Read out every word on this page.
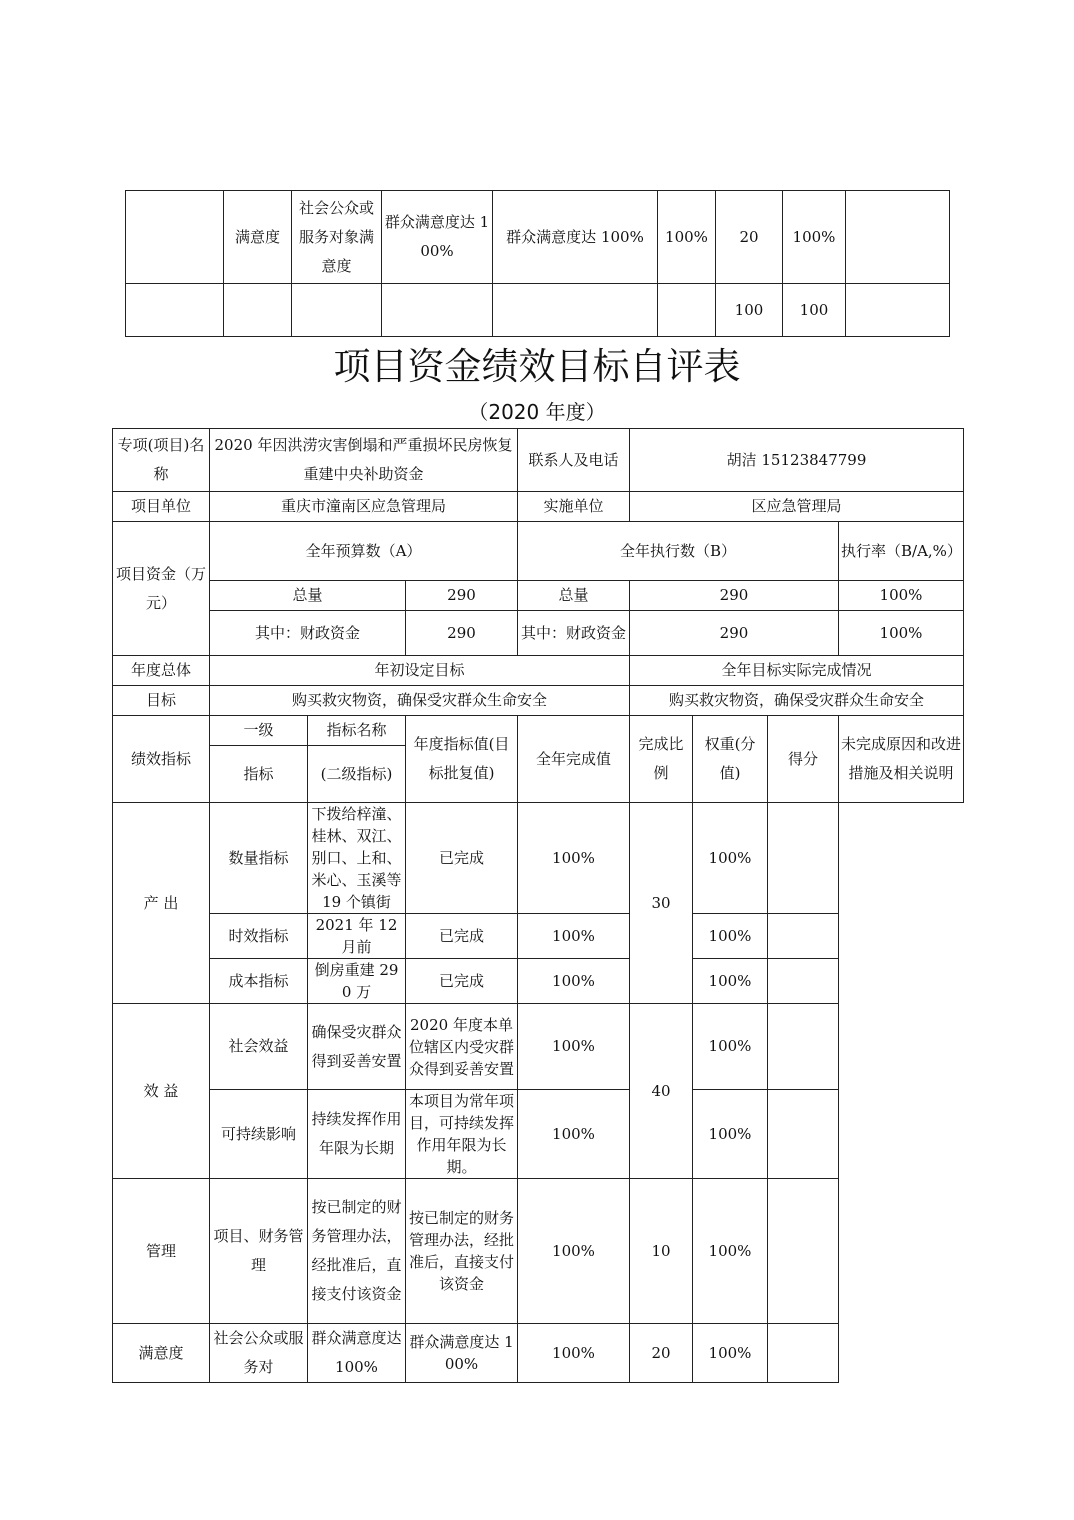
	满意度	社会公众或服务对象满意度	群众满意度达 100%	群众满意度达 100%	100%	20	100%	
						100	100	
项目资金绩效目标自评表
（2020 年度）
专项(项目)名称	2020 年因洪涝灾害倒塌和严重损坏民房恢复重建中央补助资金			联系人及电话	胡洁 15123847799			
项目单位	重庆市潼南区应急管理局			实施单位	区应急管理局			
项目资金（万元）	全年预算数（A）			全年执行数（B）				执行率（B/A,%）
	总量		290	总量	290			100%
	其中：财政资金		290	其中：财政资金	290			100%
年度总体	年初设定目标				全年目标实际完成情况			
目标	购买救灾物资，确保受灾群众生命安全				购买救灾物资，确保受灾群众生命安全			
绩效指标	一级	指标名称	年度指标值(目标批复值)	全年完成值	完成比例	权重(分值)	得分	未完成原因和改进措施及相关说明
	指标	(二级指标)						
产 出	数量指标	下拨给梓潼、桂林、双江、别口、上和、米心、玉溪等 19 个镇街	已完成	100%	30	100%		
	时效指标	2021 年 12 月前	已完成	100%		100%		
	成本指标	倒房重建 290 万	已完成	100%		100%		
效 益	社会效益	确保受灾群众得到妥善安置	2020 年度本单位辖区内受灾群众得到妥善安置	100%	40	100%		
	可持续影响	持续发挥作用年限为长期	本项目为常年项目，可持续发挥作用年限为长期。	100%		100%		
管理	项目、财务管理	按已制定的财务管理办法，经批准后，直接支付该资金	按已制定的财务管理办法，经批准后，直接支付该资金	100%	10	100%		
满意度	社会公众或服务对	群众满意度达 100%	群众满意度达 100%	100%	20	100%		
